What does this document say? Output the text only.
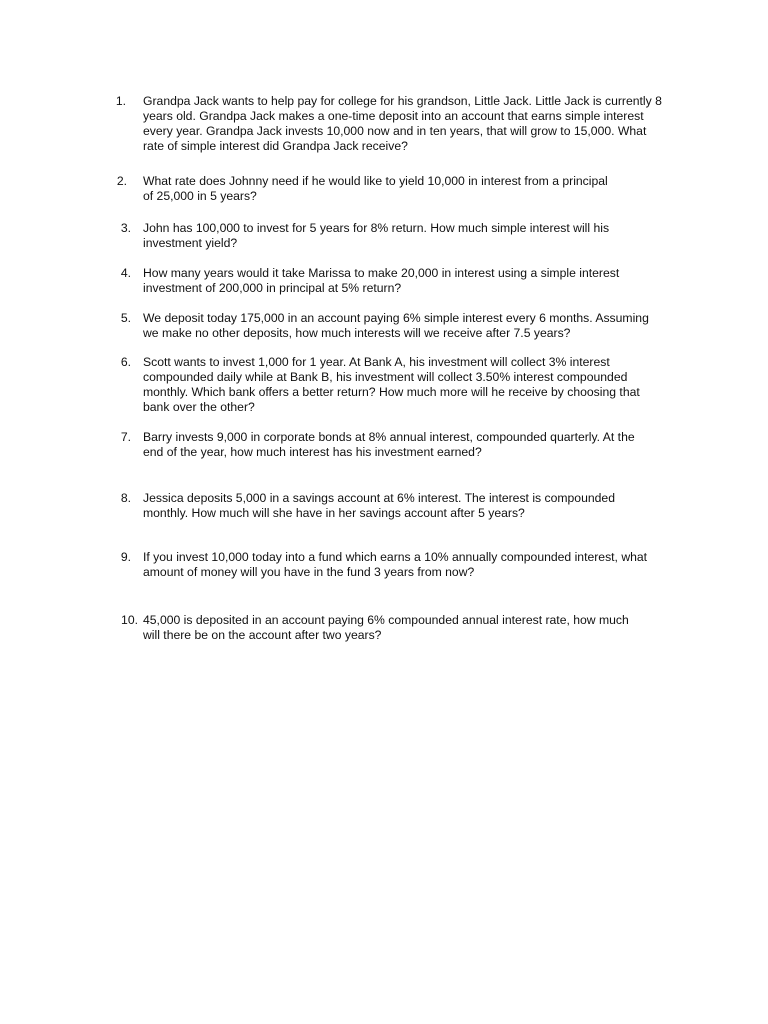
1. Grandpa Jack wants to help pay for college for his grandson, Little Jack. Little Jack is currently 8
years old. Grandpa Jack makes a one-time deposit into an account that earns simple interest
every year. Grandpa Jack invests 10,000 now and in ten years, that will grow to 15,000. What
rate of simple interest did Grandpa Jack receive?
2. What rate does Johnny need if he would like to yield 10,000 in interest from a principal
of 25,000 in 5 years?
3. John has 100,000 to invest for 5 years for 8% return. How much simple interest will his
investment yield?
4. How many years would it take Marissa to make 20,000 in interest using a simple interest
investment of 200,000 in principal at 5% return?
5. We deposit today 175,000 in an account paying 6% simple interest every 6 months. Assuming
we make no other deposits, how much interests will we receive after 7.5 years?
6. Scott wants to invest 1,000 for 1 year. At Bank A, his investment will collect 3% interest
compounded daily while at Bank B, his investment will collect 3.50% interest compounded
monthly. Which bank offers a better return? How much more will he receive by choosing that
bank over the other?
7. Barry invests 9,000 in corporate bonds at 8% annual interest, compounded quarterly. At the
end of the year, how much interest has his investment earned?
8. Jessica deposits 5,000 in a savings account at 6% interest. The interest is compounded
monthly. How much will she have in her savings account after 5 years?
9. If you invest 10,000 today into a fund which earns a 10% annually compounded interest, what
amount of money will you have in the fund 3 years from now?
10. 45,000 is deposited in an account paying 6% compounded annual interest rate, how much
will there be on the account after two years?
